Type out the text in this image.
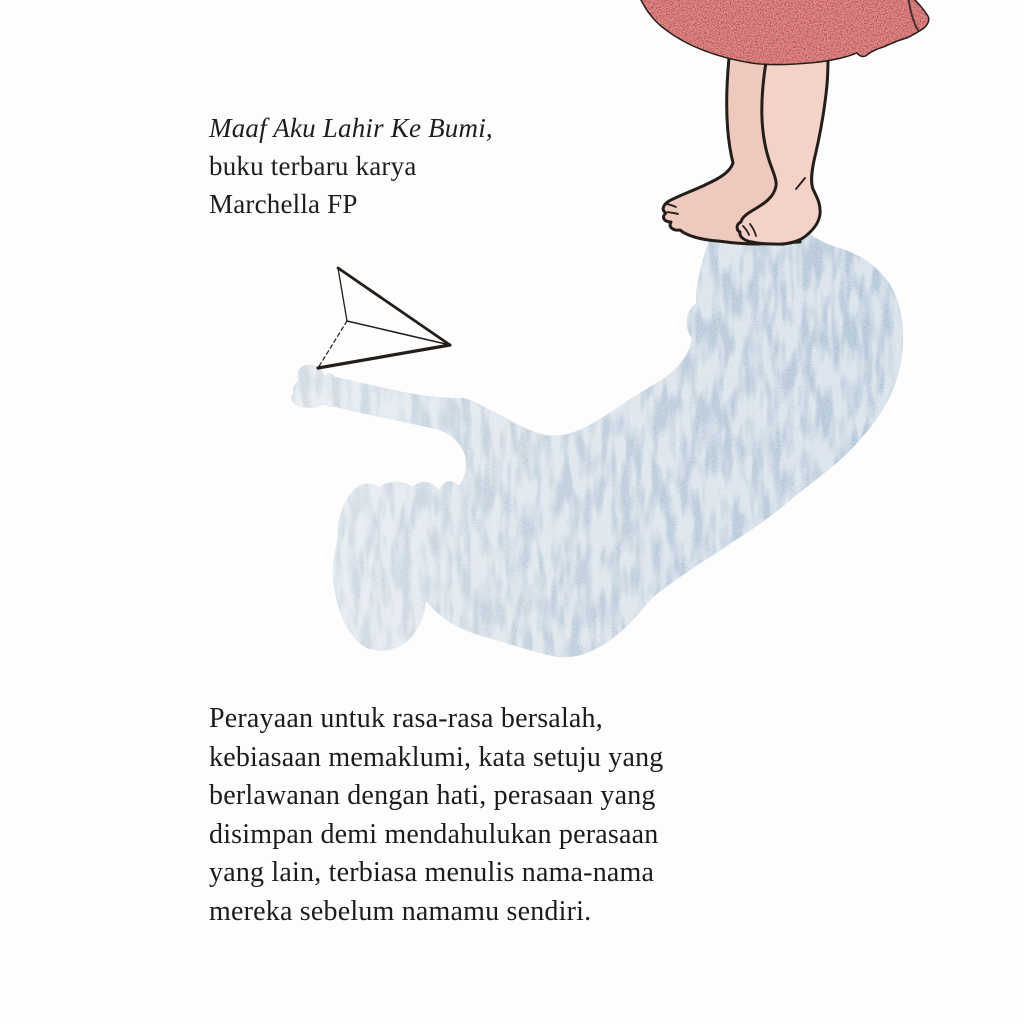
Maaf Aku Lahir Ke Bumi,
buku terbaru karya
Marchella FP
Perayaan untuk rasa-rasa bersalah,
kebiasaan memaklumi, kata setuju yang
berlawanan dengan hati, perasaan yang
disimpan demi mendahulukan perasaan
yang lain, terbiasa menulis nama-nama
mereka sebelum namamu sendiri.
